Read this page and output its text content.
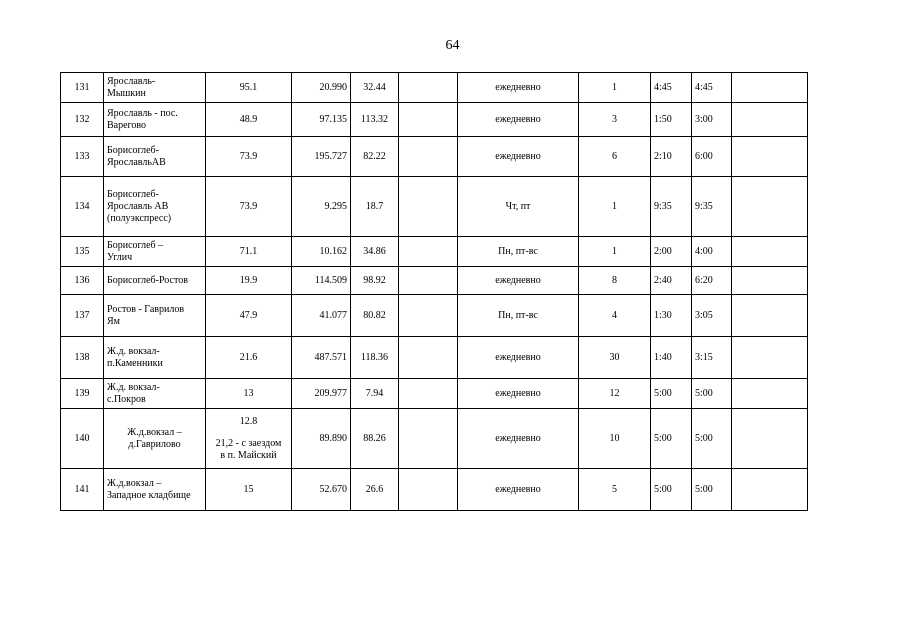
64
131	Ярославль-
Мышкин	95.1	20.990	32.44		ежедневно	1	4:45	4:45	
132	Ярославль - пос.
Варегово	48.9	97.135	113.32		ежедневно	3	1:50	3:00	
133	Борисоглеб-
ЯрославльАВ	73.9	195.727	82.22		ежедневно	6	2:10	6:00	
134	Борисоглеб-
Ярославль АВ
(полуэкспресс)	73.9	9.295	18.7		Чт, пт	1	9:35	9:35	
135	Борисоглеб –
Углич	71.1	10.162	34.86		Пн, пт-вс	1	2:00	4:00	
136	Борисоглеб-Ростов	19.9	114.509	98.92		ежедневно	8	2:40	6:20	
137	Ростов - Гаврилов
Ям	47.9	41.077	80.82		Пн, пт-вс	4	1:30	3:05	
138	Ж.д. вокзал-
п.Каменники	21.6	487.571	118.36		ежедневно	30	1:40	3:15	
139	Ж.д. вокзал-
с.Покров	13	209.977	7.94		ежедневно	12	5:00	5:00	
140	Ж.д.вокзал –
д.Гаврилово	12.8
21,2 - с заездом
в п. Майский	89.890	88.26		ежедневно	10	5:00	5:00	
141	Ж.д.вокзал –
Западное кладбище	15	52.670	26.6		ежедневно	5	5:00	5:00	
